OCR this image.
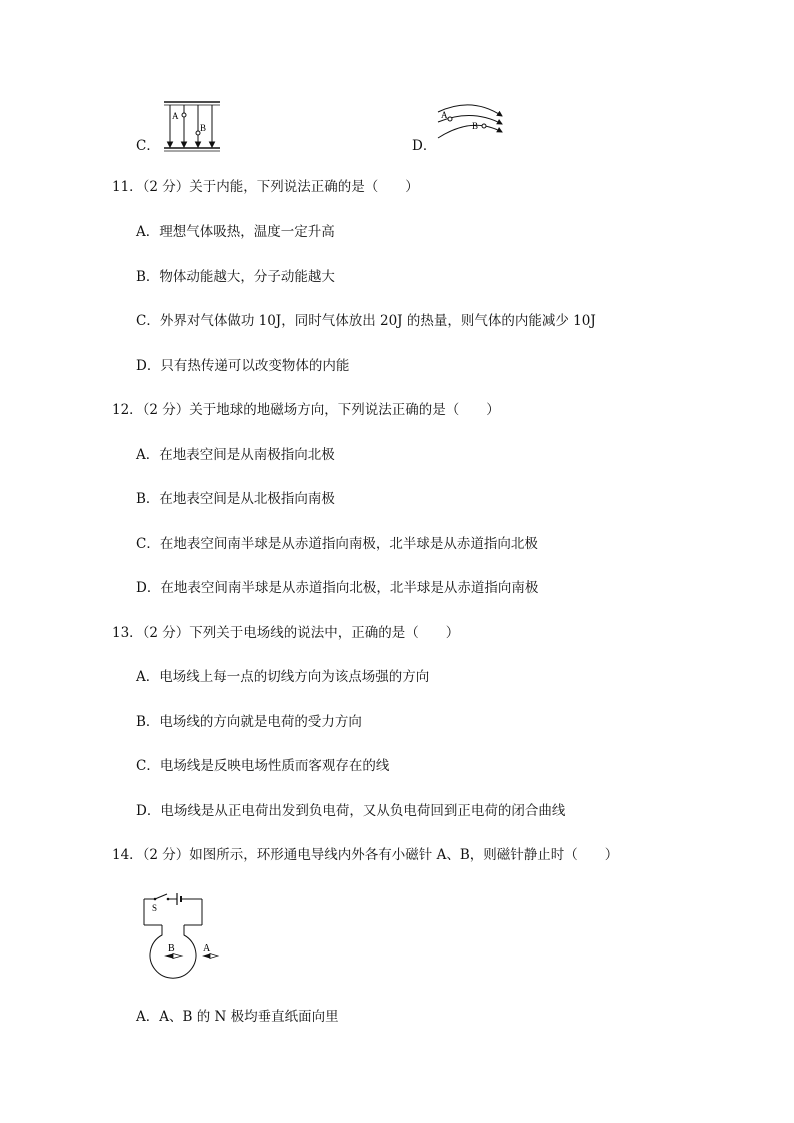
C．
A
B
D．
A
B
11．（2 分）关于内能，下列说法正确的是（　　）
A．理想气体吸热，温度一定升高
B．物体动能越大，分子动能越大
C．外界对气体做功 10J，同时气体放出 20J 的热量，则气体的内能减少 10J
D．只有热传递可以改变物体的内能
12．（2 分）关于地球的地磁场方向，下列说法正确的是（　　）
A．在地表空间是从南极指向北极
B．在地表空间是从北极指向南极
C．在地表空间南半球是从赤道指向南极，北半球是从赤道指向北极
D．在地表空间南半球是从赤道指向北极，北半球是从赤道指向南极
13．（2 分）下列关于电场线的说法中，正确的是（　　）
A．电场线上每一点的切线方向为该点场强的方向
B．电场线的方向就是电荷的受力方向
C．电场线是反映电场性质而客观存在的线
D．电场线是从正电荷出发到负电荷，又从负电荷回到正电荷的闭合曲线
14．（2 分）如图所示，环形通电导线内外各有小磁针 A、B，则磁针静止时（　　）
S
B	A
A．A、B 的 N 极均垂直纸面向里
